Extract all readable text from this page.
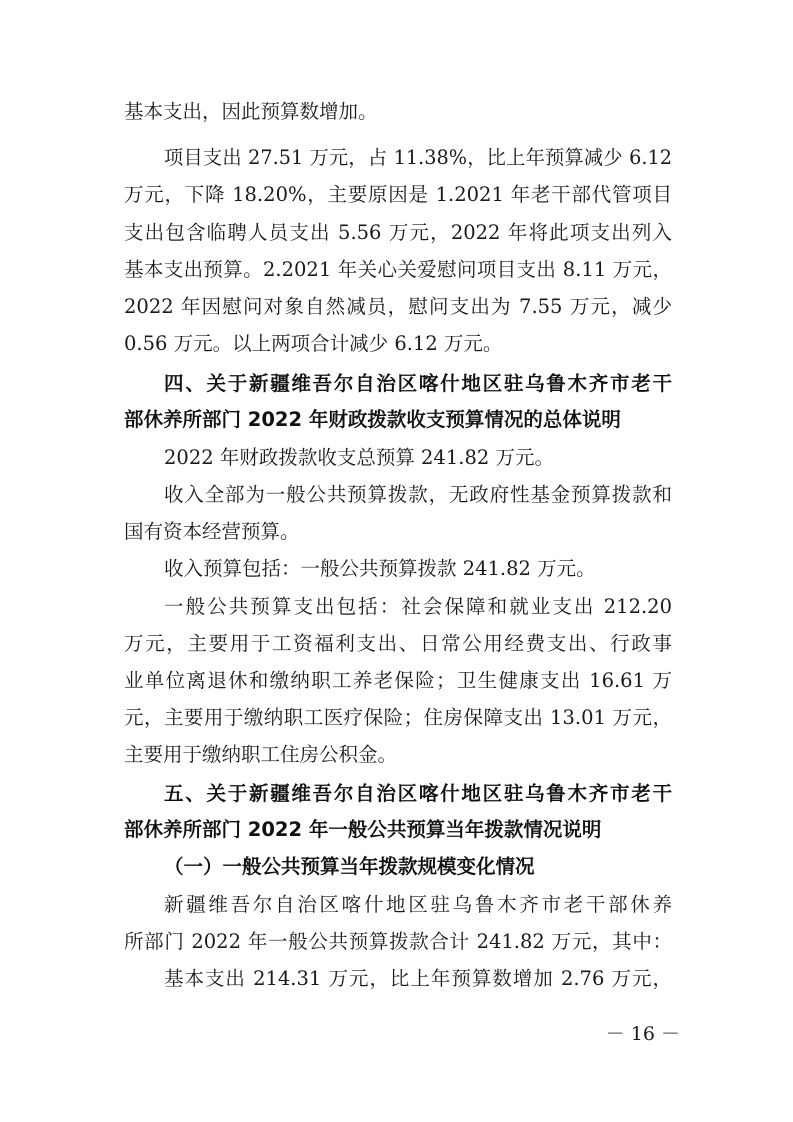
基本支出，因此预算数增加。
项目支出 27.51 万元，占 11.38%，比上年预算减少 6.12
万元，下降 18.20%，主要原因是 1.2021 年老干部代管项目
支出包含临聘人员支出 5.56 万元，2022 年将此项支出列入
基本支出预算。2.2021 年关心关爱慰问项目支出 8.11 万元，
2022 年因慰问对象自然减员，慰问支出为 7.55 万元，减少
0.56 万元。以上两项合计减少 6.12 万元。
四、关于新疆维吾尔自治区喀什地区驻乌鲁木齐市老干
部休养所部门 2022 年财政拨款收支预算情况的总体说明
2022 年财政拨款收支总预算 241.82 万元。
收入全部为一般公共预算拨款，无政府性基金预算拨款和
国有资本经营预算。
收入预算包括：一般公共预算拨款 241.82 万元。
一般公共预算支出包括：社会保障和就业支出 212.20
万元，主要用于工资福利支出、日常公用经费支出、行政事
业单位离退休和缴纳职工养老保险；卫生健康支出 16.61 万
元，主要用于缴纳职工医疗保险；住房保障支出 13.01 万元，
主要用于缴纳职工住房公积金。
五、关于新疆维吾尔自治区喀什地区驻乌鲁木齐市老干
部休养所部门 2022 年一般公共预算当年拨款情况说明
（一）一般公共预算当年拨款规模变化情况
新疆维吾尔自治区喀什地区驻乌鲁木齐市老干部休养
所部门 2022 年一般公共预算拨款合计 241.82 万元，其中：
基本支出 214.31 万元，比上年预算数增加 2.76 万元，
－ 16 －
